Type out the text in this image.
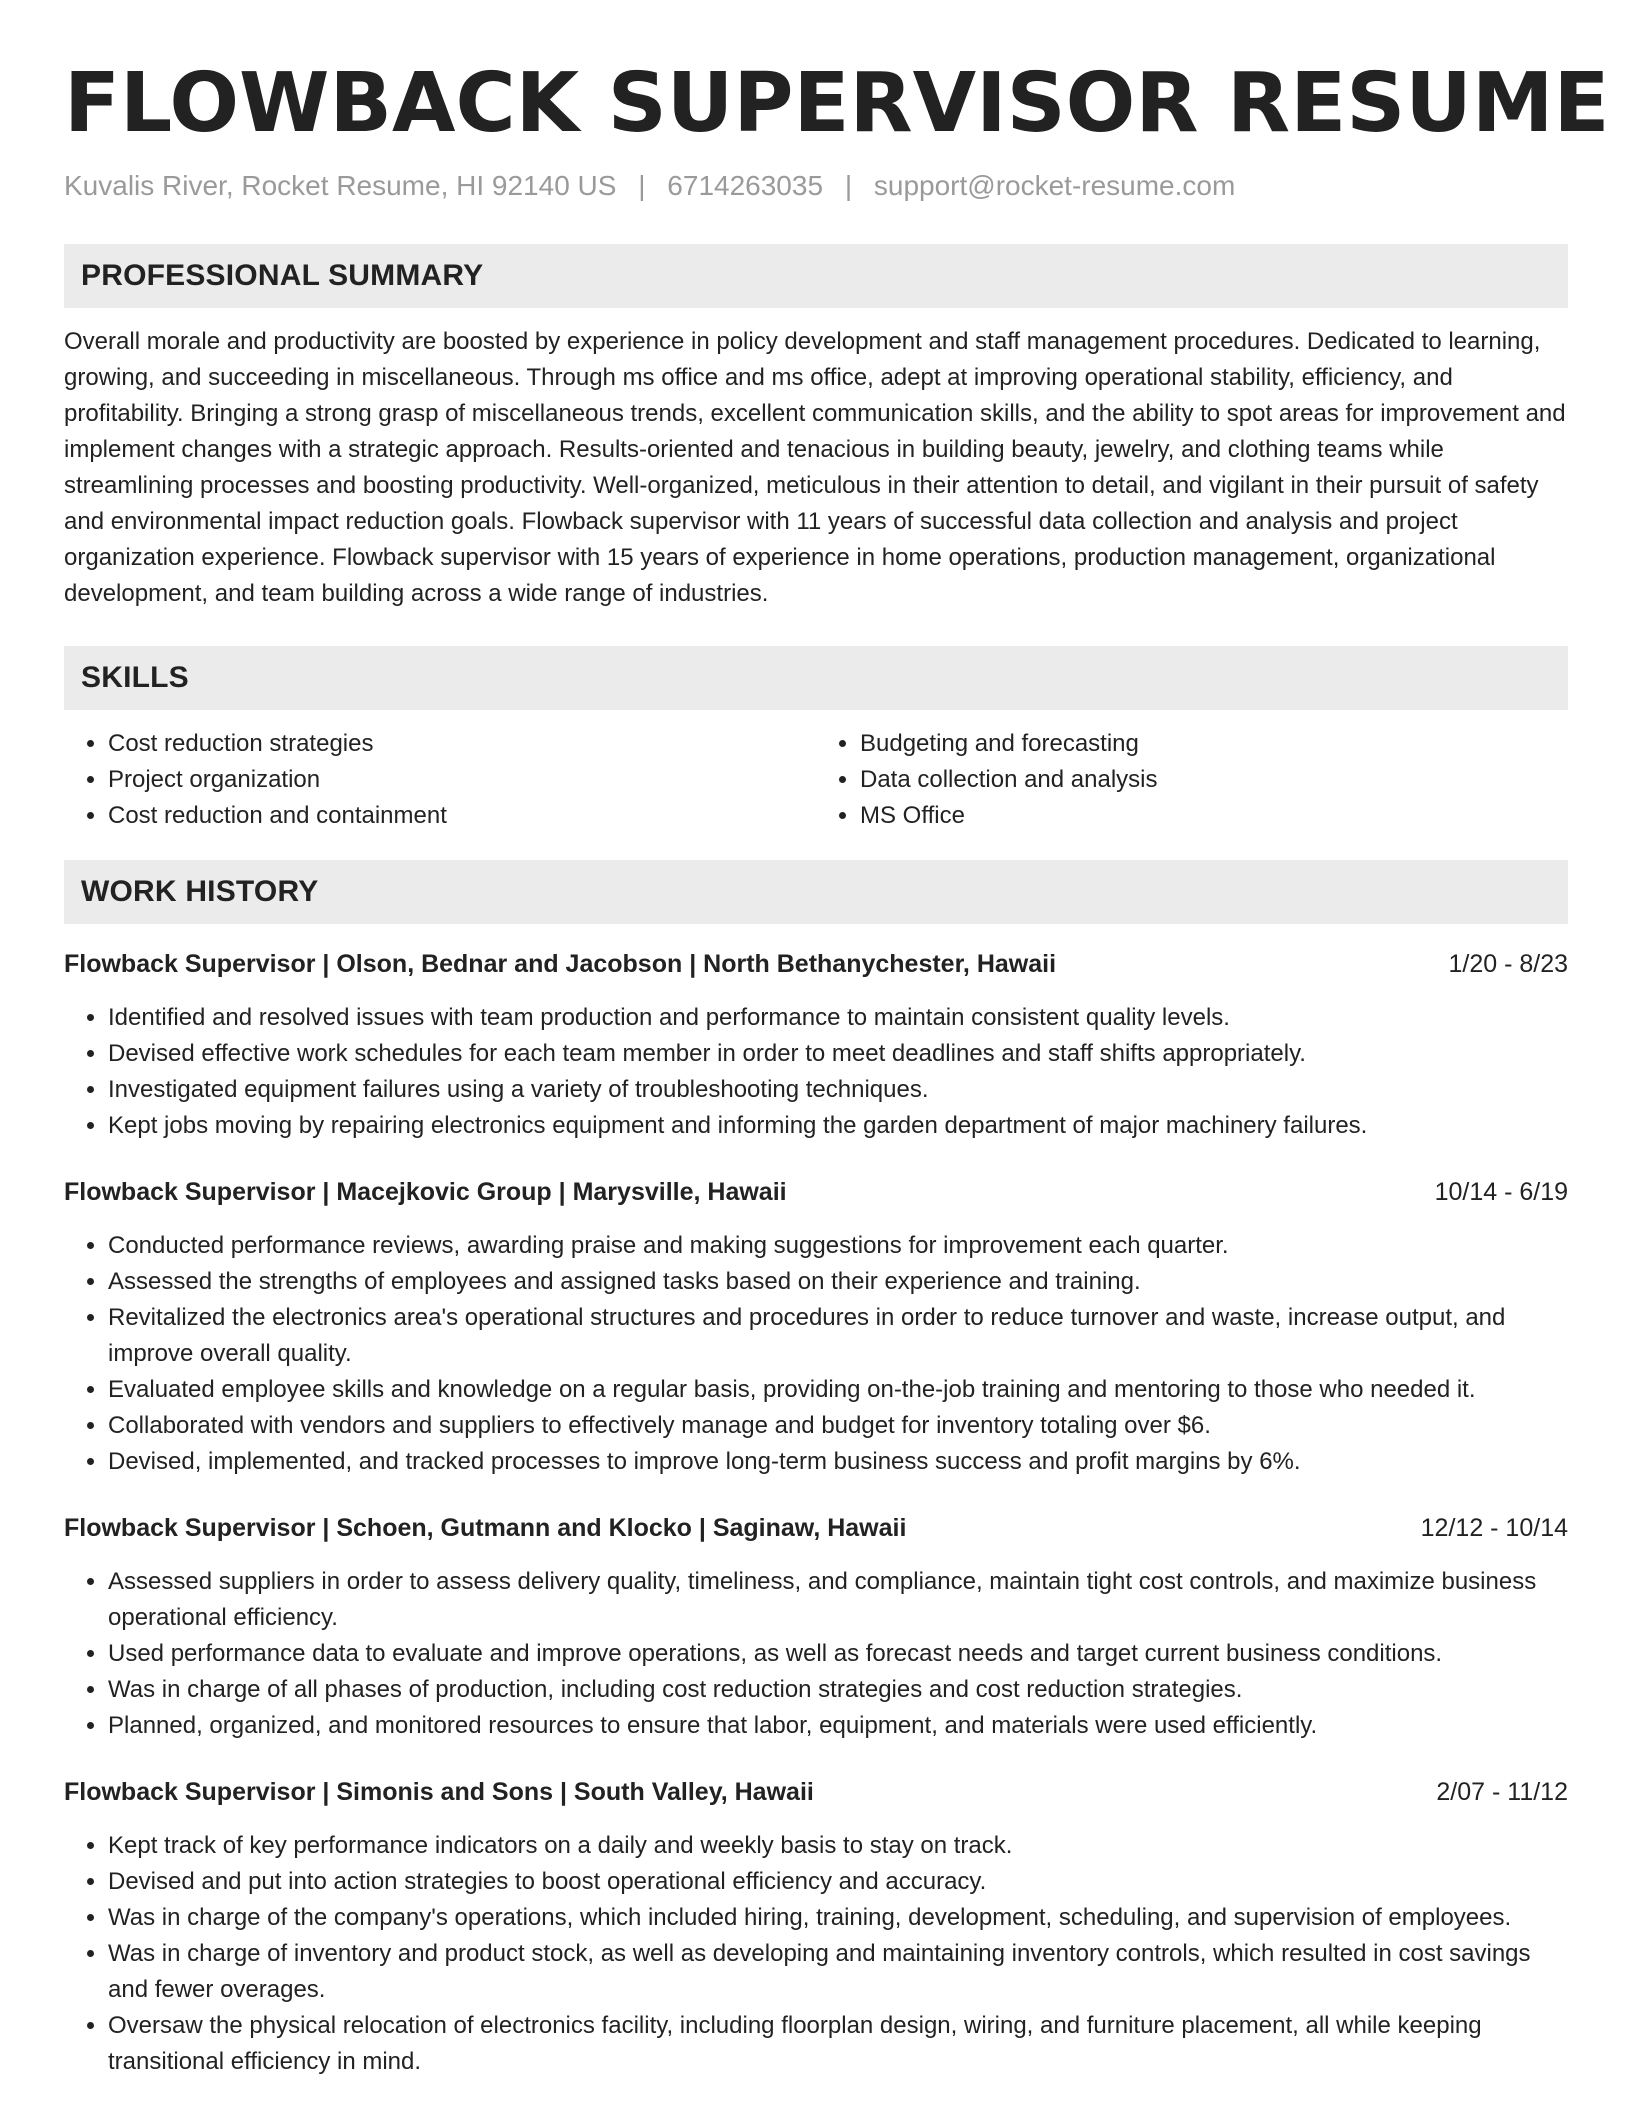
FLOWBACK SUPERVISOR RESUME
Kuvalis River, Rocket Resume, HI 92140 US | 6714263035 | support@rocket-resume.com
PROFESSIONAL SUMMARY

Overall morale and productivity are boosted by experience in policy development and staff management procedures. Dedicated to learning, growing, and succeeding in miscellaneous. Through ms office and ms office, adept at improving operational stability, efficiency, and profitability. Bringing a strong grasp of miscellaneous trends, excellent communication skills, and the ability to spot areas for improvement and implement changes with a strategic approach. Results-oriented and tenacious in building beauty, jewelry, and clothing teams while streamlining processes and boosting productivity. Well-organized, meticulous in their attention to detail, and vigilant in their pursuit of safety and environmental impact reduction goals. Flowback supervisor with 11 years of successful data collection and analysis and project organization experience. Flowback supervisor with 15 years of experience in home operations, production management, organizational development, and team building across a wide range of industries.

SKILLS
• Cost reduction strategies
• Project organization
• Cost reduction and containment
• Budgeting and forecasting
• Data collection and analysis
• MS Office
WORK HISTORY
Flowback Supervisor | Olson, Bednar and Jacobson | North Bethanychester, Hawaii	1/20 - 8/23
• Identified and resolved issues with team production and performance to maintain consistent quality levels.
• Devised effective work schedules for each team member in order to meet deadlines and staff shifts appropriately.
• Investigated equipment failures using a variety of troubleshooting techniques.
• Kept jobs moving by repairing electronics equipment and informing the garden department of major machinery failures.
Flowback Supervisor | Macejkovic Group | Marysville, Hawaii	10/14 - 6/19
• Conducted performance reviews, awarding praise and making suggestions for improvement each quarter.
• Assessed the strengths of employees and assigned tasks based on their experience and training.
• Revitalized the electronics area's operational structures and procedures in order to reduce turnover and waste, increase output, and improve overall quality.
• Evaluated employee skills and knowledge on a regular basis, providing on-the-job training and mentoring to those who needed it.
• Collaborated with vendors and suppliers to effectively manage and budget for inventory totaling over $6.
• Devised, implemented, and tracked processes to improve long-term business success and profit margins by 6%.
Flowback Supervisor | Schoen, Gutmann and Klocko | Saginaw, Hawaii	12/12 - 10/14
• Assessed suppliers in order to assess delivery quality, timeliness, and compliance, maintain tight cost controls, and maximize business operational efficiency.
• Used performance data to evaluate and improve operations, as well as forecast needs and target current business conditions.
• Was in charge of all phases of production, including cost reduction strategies and cost reduction strategies.
• Planned, organized, and monitored resources to ensure that labor, equipment, and materials were used efficiently.
Flowback Supervisor | Simonis and Sons | South Valley, Hawaii	2/07 - 11/12
• Kept track of key performance indicators on a daily and weekly basis to stay on track.
• Devised and put into action strategies to boost operational efficiency and accuracy.
• Was in charge of the company's operations, which included hiring, training, development, scheduling, and supervision of employees.
• Was in charge of inventory and product stock, as well as developing and maintaining inventory controls, which resulted in cost savings and fewer overages.
• Oversaw the physical relocation of electronics facility, including floorplan design, wiring, and furniture placement, all while keeping transitional efficiency in mind.
